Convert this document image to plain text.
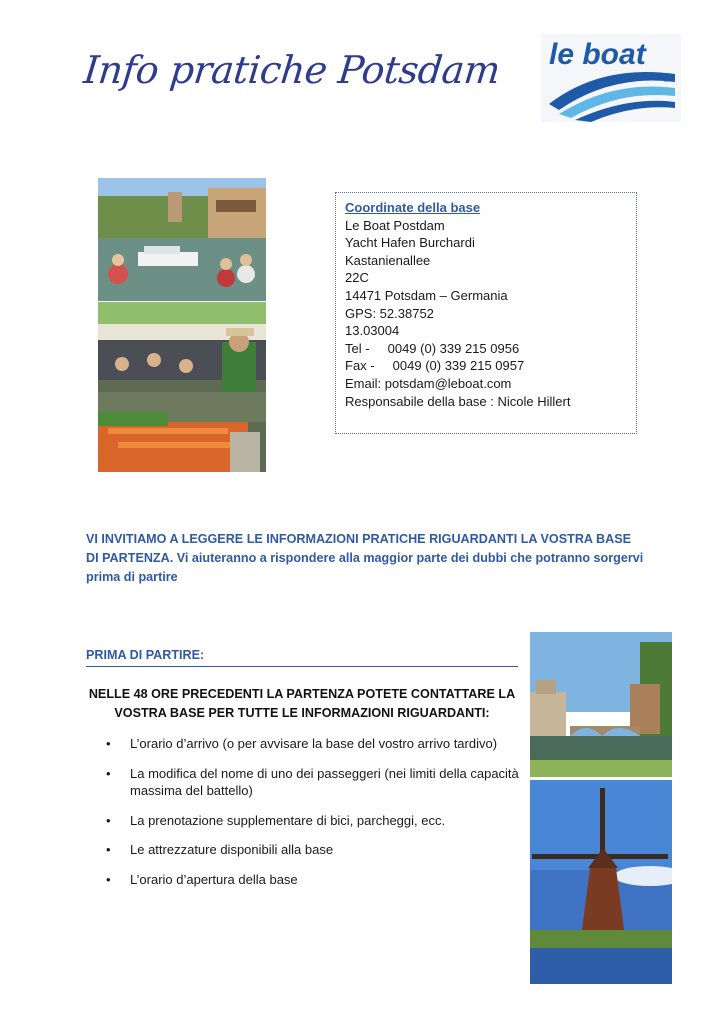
Info pratiche Potsdam le boat
Coordinate della base
Le Boat Postdam
Yacht Hafen Burchardi
Kastanienallee
22C
14471 Potsdam – Germania
GPS: 52.38752
13.03004
Tel -     0049 (0) 339 215 0956
Fax -     0049 (0) 339 215 0957
Email: potsdam@leboat.com
Responsabile della base : Nicole Hillert
VI INVITIAMO A LEGGERE LE INFORMAZIONI PRATICHE RIGUARDANTI LA VOSTRA BASE DI PARTENZA. Vi aiuteranno a rispondere alla maggior parte dei dubbi che potranno sorgervi prima di partire
PRIMA DI PARTIRE:
NELLE 48 ORE PRECEDENTI LA PARTENZA POTETE CONTATTARE LA VOSTRA BASE PER TUTTE LE INFORMAZIONI RIGUARDANTI:
• L’orario d’arrivo (o per avvisare la base del vostro arrivo tardivo)
• La modifica del nome di uno dei passeggeri (nei limiti della capacità massima del battello)
• La prenotazione supplementare di bici, parcheggi, ecc.
• Le attrezzature disponibili alla base
• L’orario d’apertura della base
